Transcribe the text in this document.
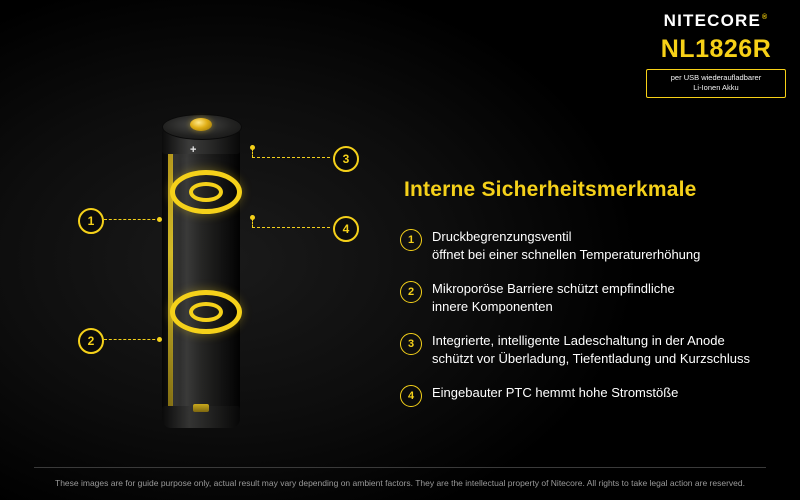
NITECORE®
NL1826R
per USB wiederaufladbarer
Li-Ionen Akku
+
1
2
3
4
Interne Sicherheitsmerkmale
1	Druckbegrenzungsventil
öffnet bei einer schnellen Temperaturerhöhung
2	Mikroporöse Barriere schützt empfindliche
innere Komponenten
3	Integrierte, intelligente Ladeschaltung in der Anode
schützt vor Überladung, Tiefentladung und Kurzschluss
4	Eingebauter PTC hemmt hohe Stromstöße
These images are for guide purpose only, actual result may vary depending on ambient factors. They are the intellectual property of Nitecore. All rights to take legal action are reserved.
